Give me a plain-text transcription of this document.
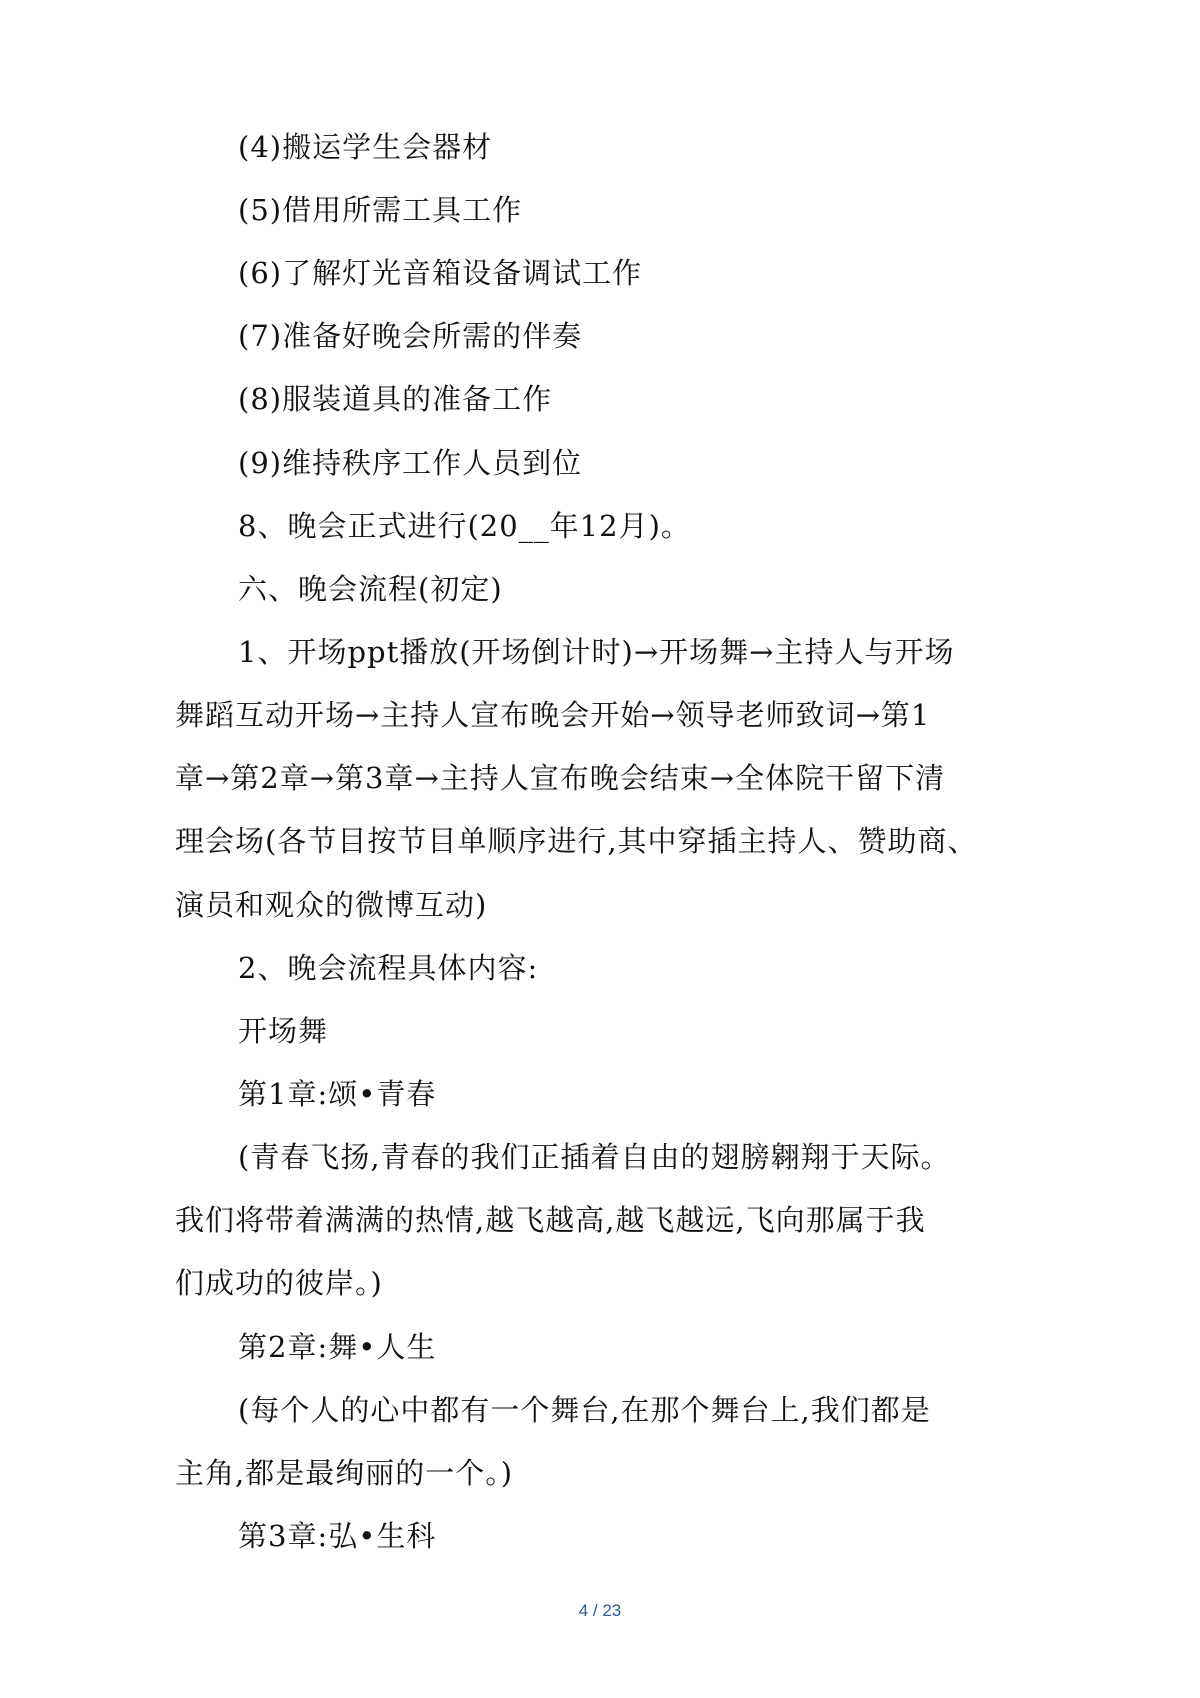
(4)搬运学生会器材
(5)借用所需工具工作
(6)了解灯光音箱设备调试工作
(7)准备好晚会所需的伴奏
(8)服装道具的准备工作
(9)维持秩序工作人员到位
8、晚会正式进行(20__年12月)。
六、晚会流程(初定)
1、开场ppt播放(开场倒计时)→开场舞→主持人与开场
舞蹈互动开场→主持人宣布晚会开始→领导老师致词→第1
章→第2章→第3章→主持人宣布晚会结束→全体院干留下清
理会场(各节目按节目单顺序进行,其中穿插主持人、赞助商、
演员和观众的微博互动)
2、晚会流程具体内容:
开场舞
第1章:颂•青春
(青春飞扬,青春的我们正插着自由的翅膀翱翔于天际。
我们将带着满满的热情,越飞越高,越飞越远,飞向那属于我
们成功的彼岸。)
第2章:舞•人生
(每个人的心中都有一个舞台,在那个舞台上,我们都是
主角,都是最绚丽的一个。)
第3章:弘•生科
4 / 23
